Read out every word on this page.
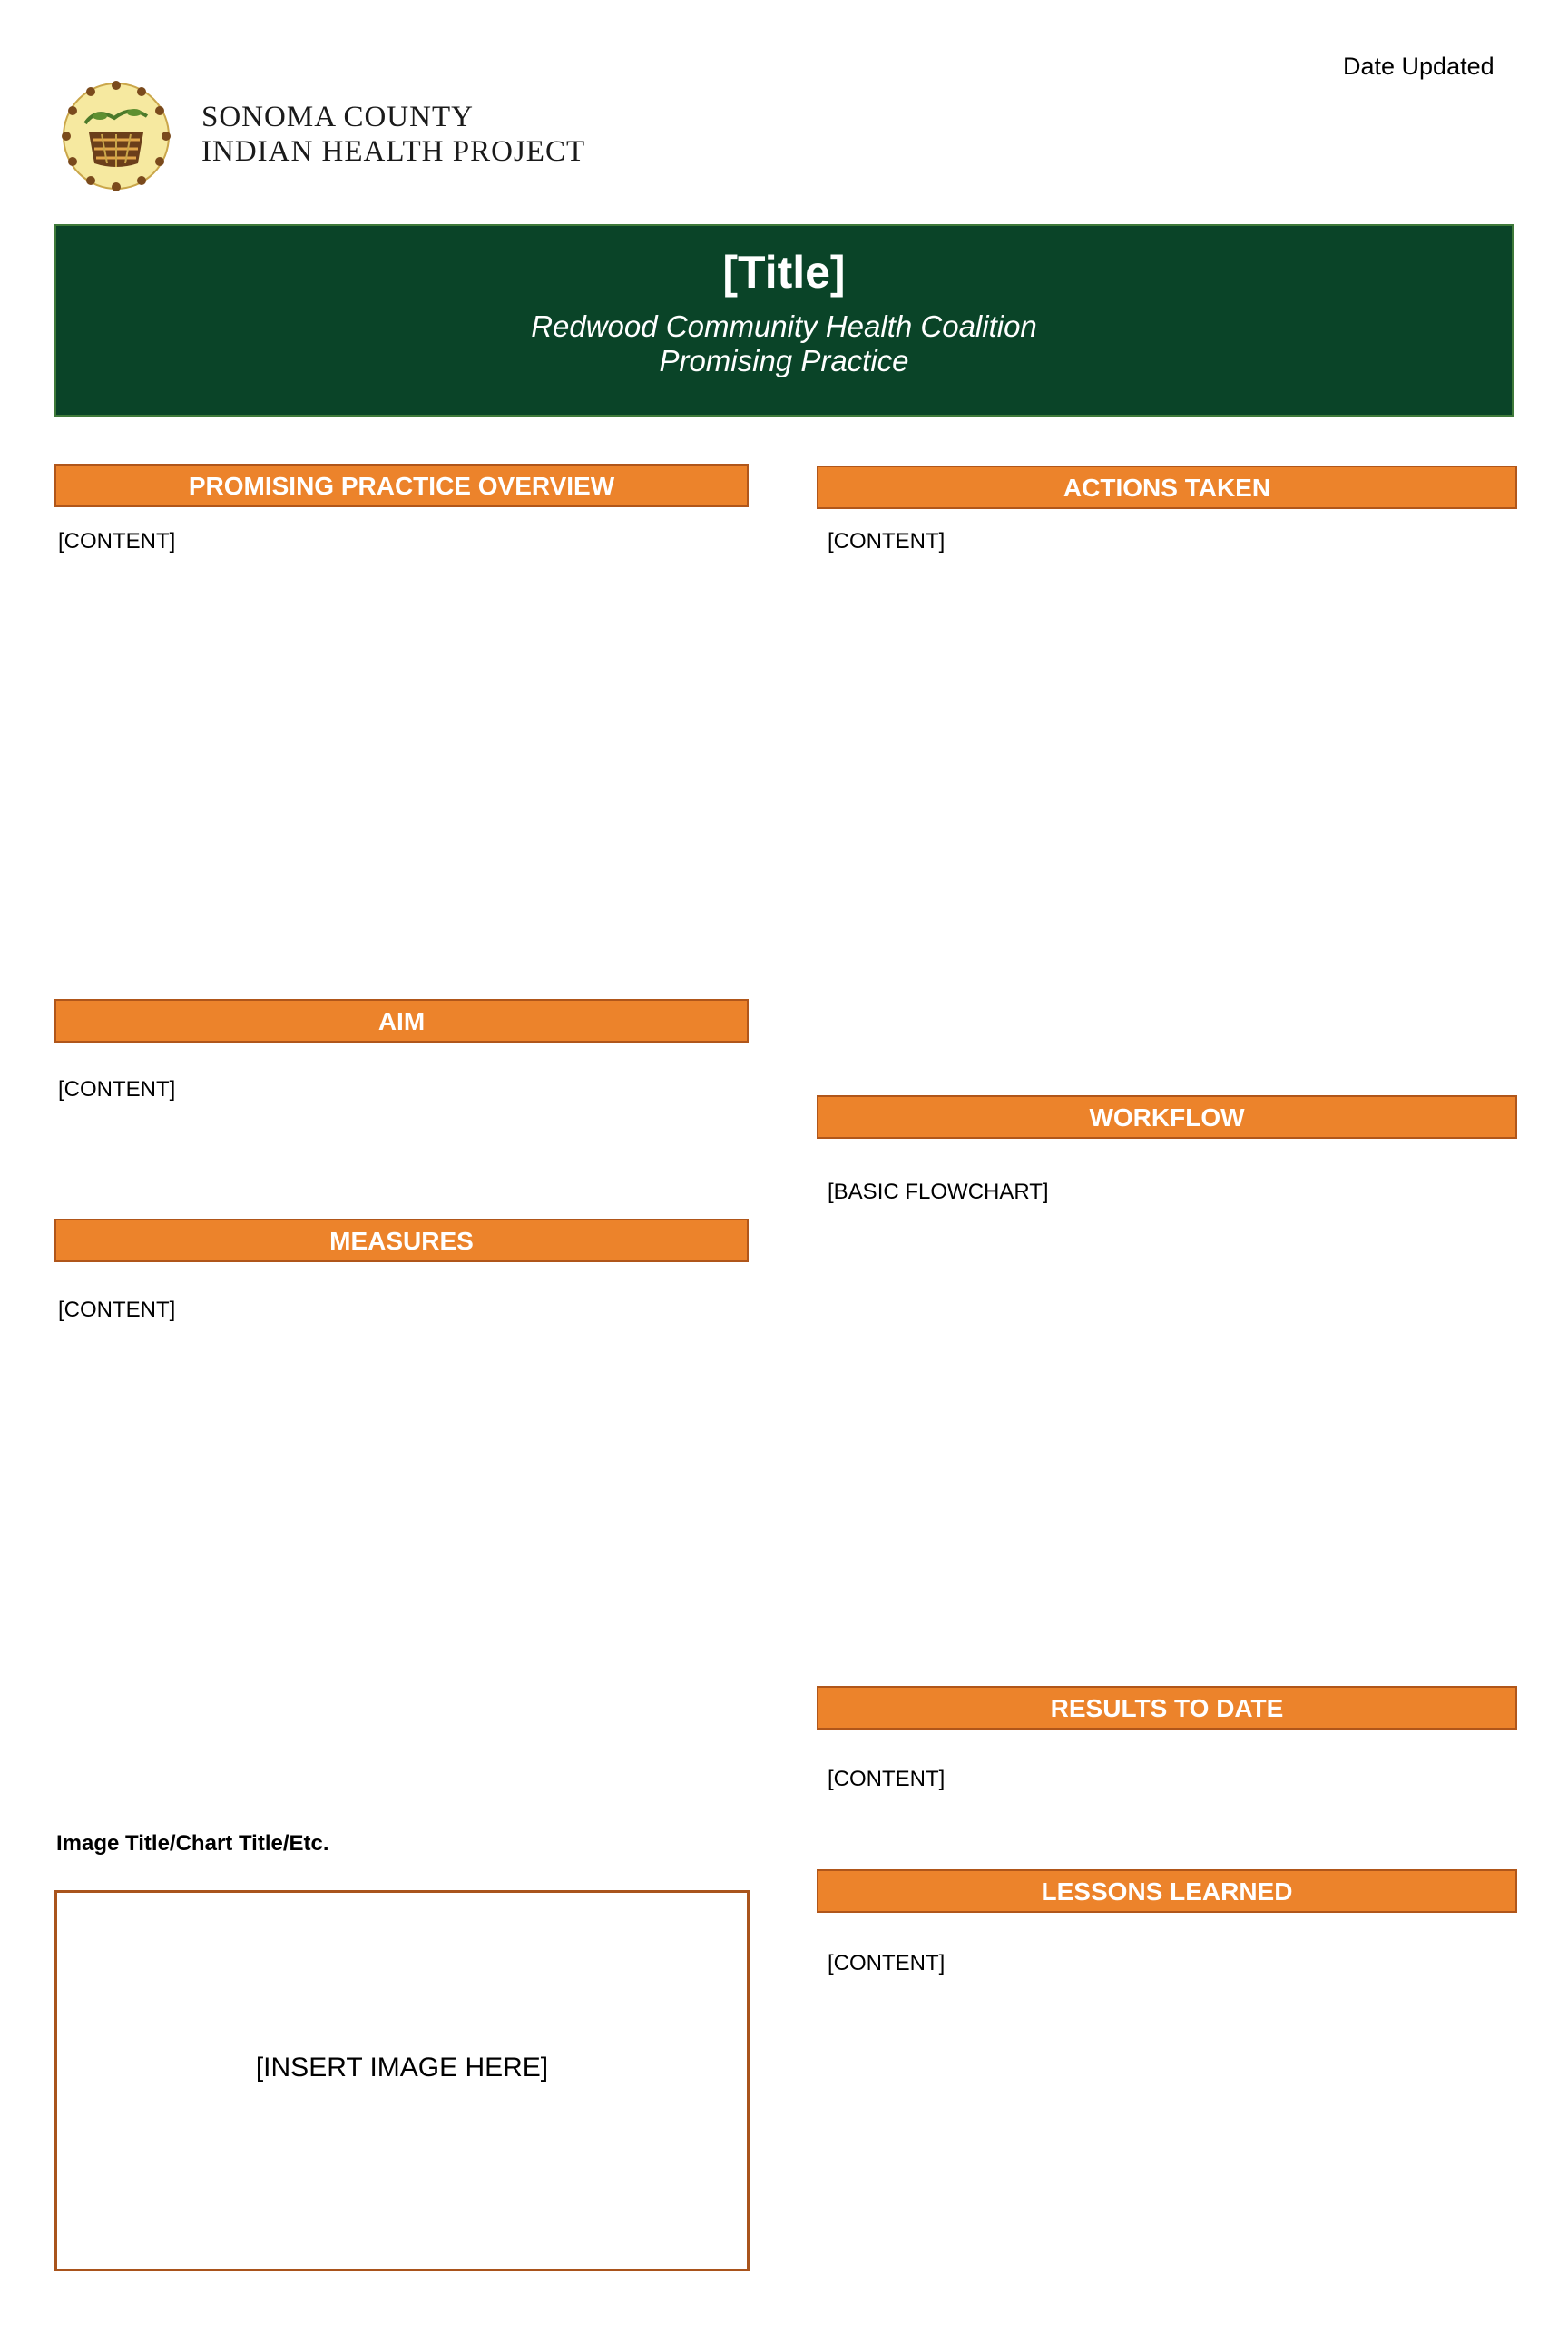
Date Updated
SONOMA COUNTY
INDIAN HEALTH PROJECT
[Title]
Redwood Community Health Coalition
Promising Practice
PROMISING PRACTICE OVERVIEW
[CONTENT]
AIM
[CONTENT]
MEASURES
[CONTENT]
Image Title/Chart Title/Etc.
[INSERT IMAGE HERE]
ACTIONS TAKEN
[CONTENT]
WORKFLOW
[BASIC FLOWCHART]
RESULTS TO DATE
[CONTENT]
LESSONS LEARNED
[CONTENT]
